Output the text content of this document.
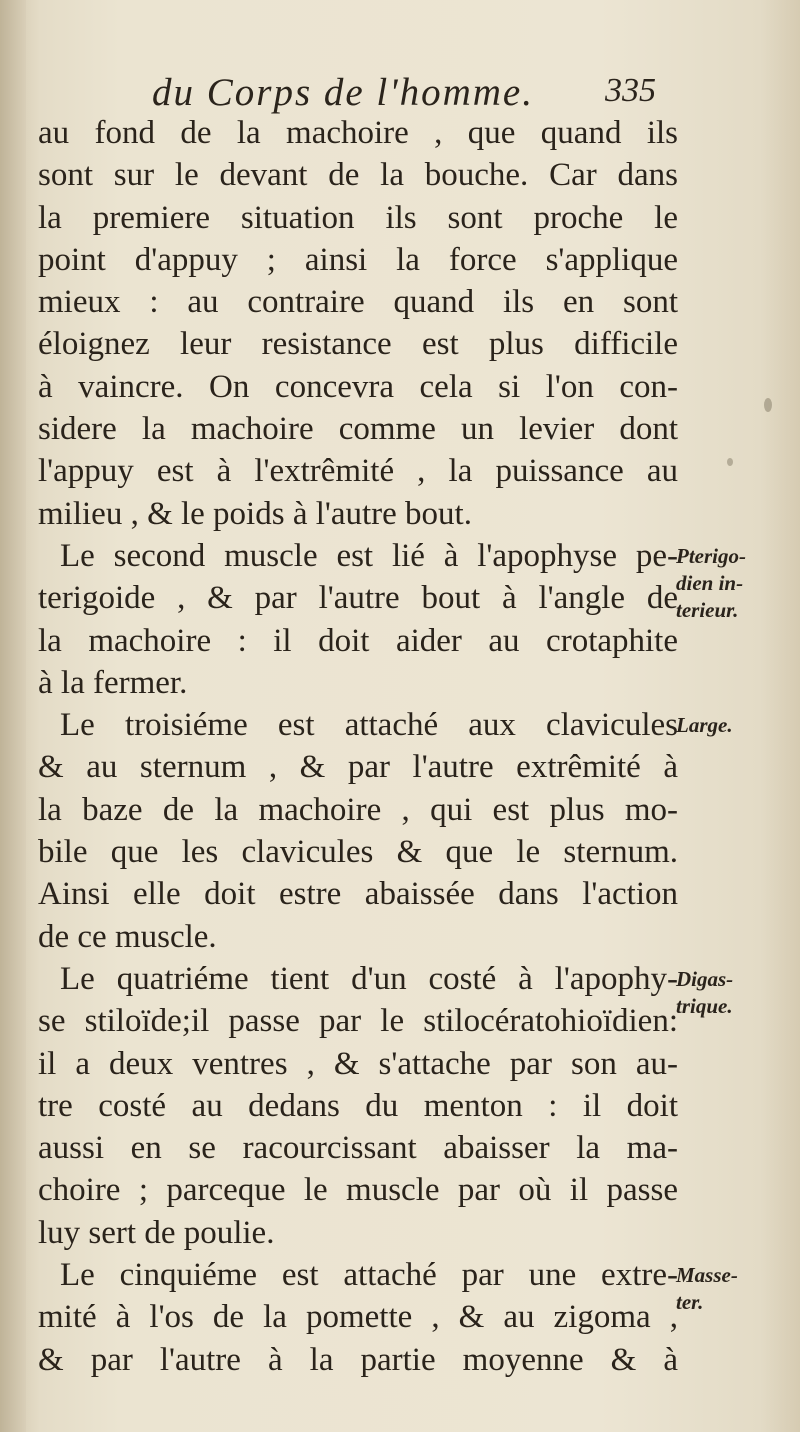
du Corps de l'homme. 335
au fond de la machoire , que quand ils
sont sur le devant de la bouche. Car dans
la premiere situation ils sont proche le
point d'appuy ; ainsi la force s'applique
mieux : au contraire quand ils en sont
éloignez leur resistance est plus difficile
à vaincre. On concevra cela si l'on con-
sidere la machoire comme un levier dont
l'appuy est à l'extrêmité , la puissance au
milieu , & le poids à l'autre bout.
Le second muscle est lié à l'apophyse pe-
terigoide , & par l'autre bout à l'angle de
la machoire : il doit aider au crotaphite
à la fermer.
Le troisiéme est attaché aux clavicules
& au sternum , & par l'autre extrêmité à
la baze de la machoire , qui est plus mo-
bile que les clavicules & que le sternum.
Ainsi elle doit estre abaissée dans l'action
de ce muscle.
Le quatriéme tient d'un costé à l'apophy-
se stiloïde;il passe par le stilocératohioïdien:
il a deux ventres , & s'attache par son au-
tre costé au dedans du menton : il doit
aussi en se racourcissant abaisser la ma-
choire ; parceque le muscle par où il passe
luy sert de poulie.
Le cinquiéme est attaché par une extre-
mité à l'os de la pomette , & au zigoma ,
& par l'autre à la partie moyenne & à
Pterigo-
dien in-
terieur.
Large.
Digas-
trique.
Masse-
ter.
